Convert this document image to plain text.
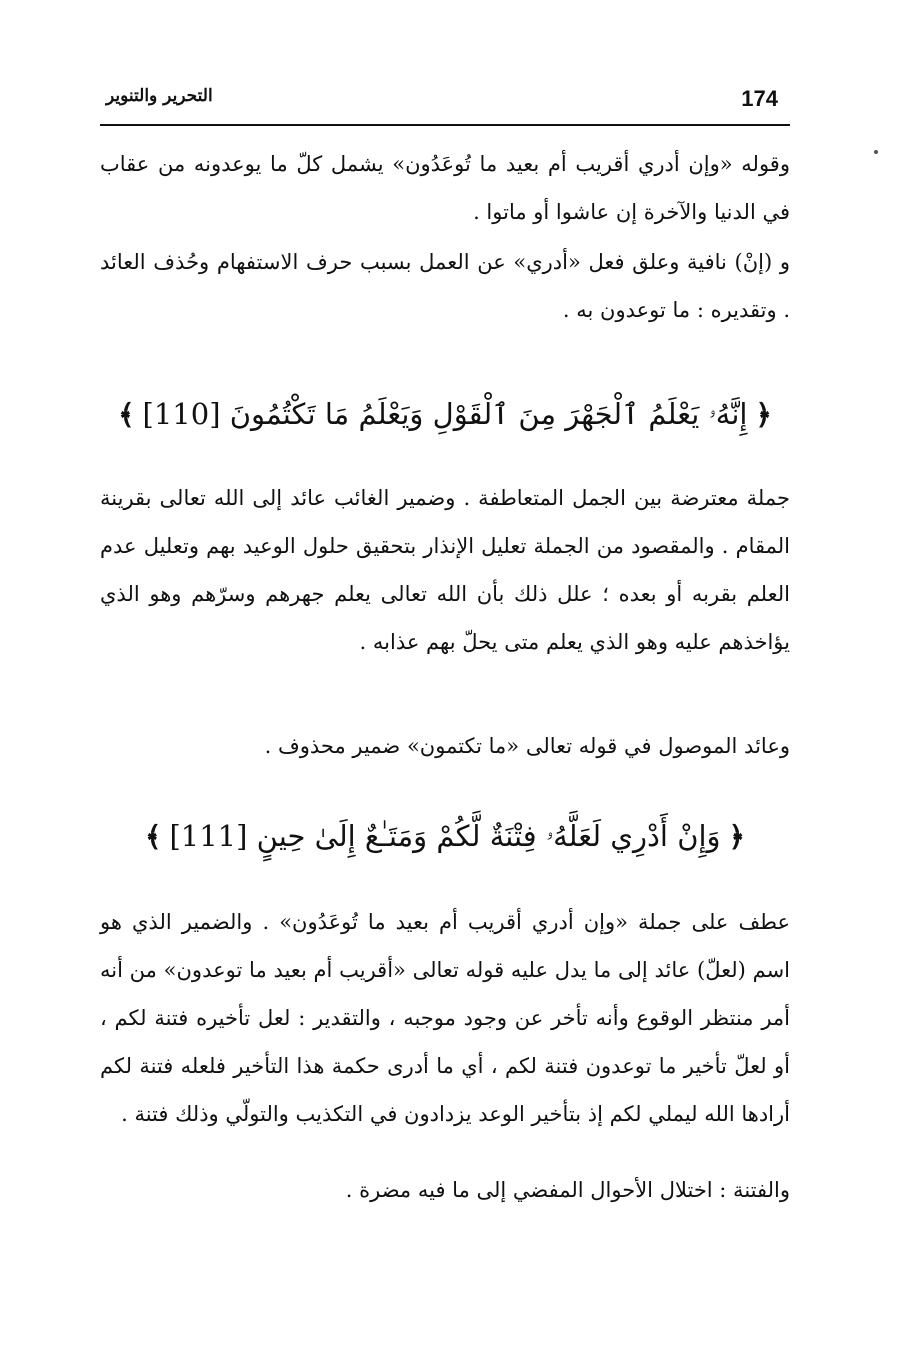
174
التحرير والتنوير

وقوله «وإن أدري أقريب أم بعيد ما تُوعَدُون» يشمل كلّ ما يوعدونه من عقاب في الدنيا والآخرة إن عاشوا أو ماتوا .

و (إنْ) نافية وعلق فعل «أدري» عن العمل بسبب حرف الاستفهام وحُذف العائد . وتقديره : ما توعدون به .

﴿إِنَّهُۥ يَعْلَمُ ٱلْجَهْرَ مِنَ ٱلْقَوْلِ وَيَعْلَمُ مَا تَكْتُمُونَ [110]﴾

جملة معترضة بين الجمل المتعاطفة . وضمير الغائب عائد إلى الله تعالى بقرينة المقام . والمقصود من الجملة تعليل الإنذار بتحقيق حلول الوعيد بهم وتعليل عدم العلم بقربه أو بعده ؛ علل ذلك بأن الله تعالى يعلم جهرهم وسرّهم وهو الذي يؤاخذهم عليه وهو الذي يعلم متى يحلّ بهم عذابه .

وعائد الموصول في قوله تعالى «ما تكتمون» ضمير محذوف .

﴿وَإِنْ أَدْرِي لَعَلَّهُۥ فِتْنَةٌ لَّكُمْ وَمَتَـٰعٌ إِلَىٰ حِينٍ [111]﴾

عطف على جملة «وإن أدري أقريب أم بعيد ما تُوعَدُون» . والضمير الذي هو اسم (لعلّ) عائد إلى ما يدل عليه قوله تعالى «أقريب أم بعيد ما توعدون» من أنه أمر منتظر الوقوع وأنه تأخر عن وجود موجبه ، والتقدير : لعل تأخيره فتنة لكم ، أو لعلّ تأخير ما توعدون فتنة لكم ، أي ما أدرى حكمة هذا التأخير فلعله فتنة لكم أرادها الله ليملي لكم إذ بتأخير الوعد يزدادون في التكذيب والتولّي وذلك فتنة .

والفتنة : اختلال الأحوال المفضي إلى ما فيه مضرة .
